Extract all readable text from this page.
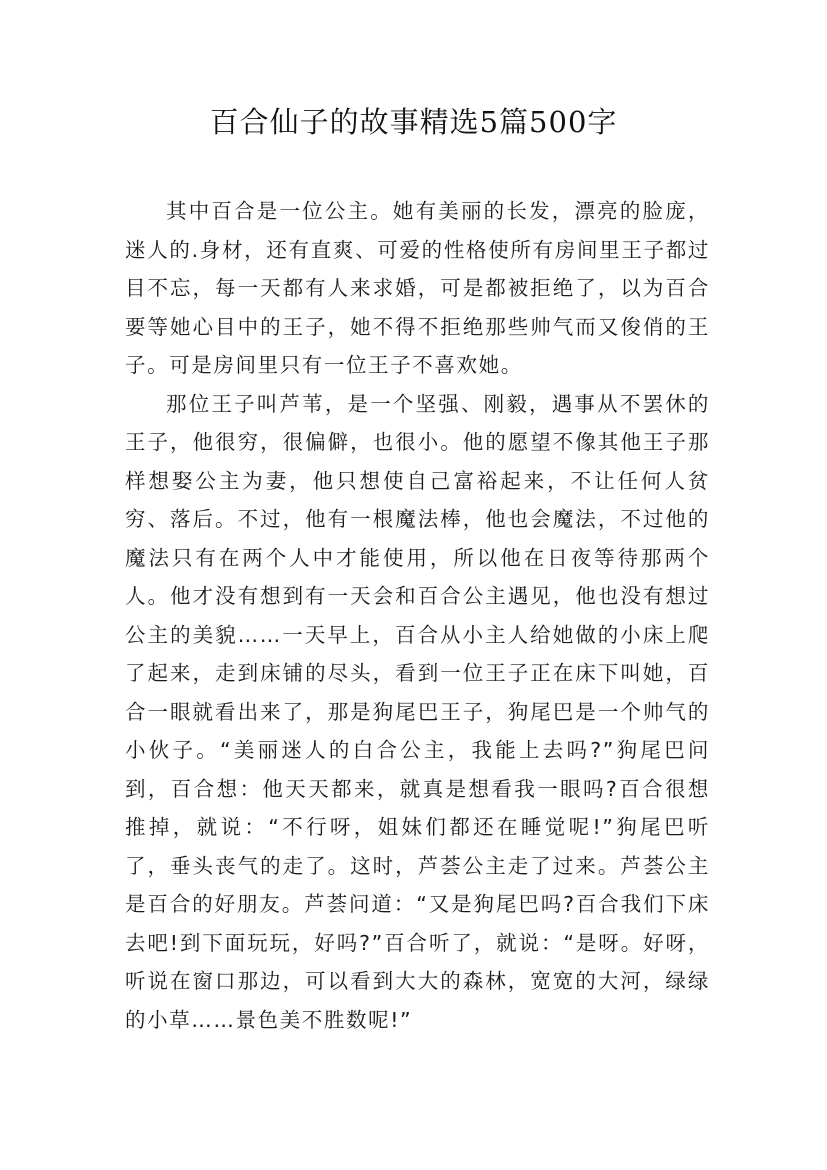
百合仙子的故事精选5篇500字

其中百合是一位公主。她有美丽的长发，漂亮的脸庞，迷人的.身材，还有直爽、可爱的性格使所有房间里王子都过目不忘，每一天都有人来求婚，可是都被拒绝了，以为百合要等她心目中的王子，她不得不拒绝那些帅气而又俊俏的王子。可是房间里只有一位王子不喜欢她。

那位王子叫芦苇，是一个坚强、刚毅，遇事从不罢休的王子，他很穷，很偏僻，也很小。他的愿望不像其他王子那样想娶公主为妻，他只想使自己富裕起来，不让任何人贫穷、落后。不过，他有一根魔法棒，他也会魔法，不过他的魔法只有在两个人中才能使用，所以他在日夜等待那两个人。他才没有想到有一天会和百合公主遇见，他也没有想过公主的美貌……一天早上，百合从小主人给她做的小床上爬了起来，走到床铺的尽头，看到一位王子正在床下叫她，百合一眼就看出来了，那是狗尾巴王子，狗尾巴是一个帅气的小伙子。“美丽迷人的白合公主，我能上去吗?”狗尾巴问到，百合想：他天天都来，就真是想看我一眼吗?百合很想推掉，就说：“不行呀，姐妹们都还在睡觉呢!”狗尾巴听了，垂头丧气的走了。这时，芦荟公主走了过来。芦荟公主是百合的好朋友。芦荟问道：“又是狗尾巴吗?百合我们下床去吧!到下面玩玩，好吗?”百合听了，就说：“是呀。好呀，听说在窗口那边，可以看到大大的森林，宽宽的大河，绿绿的小草……景色美不胜数呢!”
